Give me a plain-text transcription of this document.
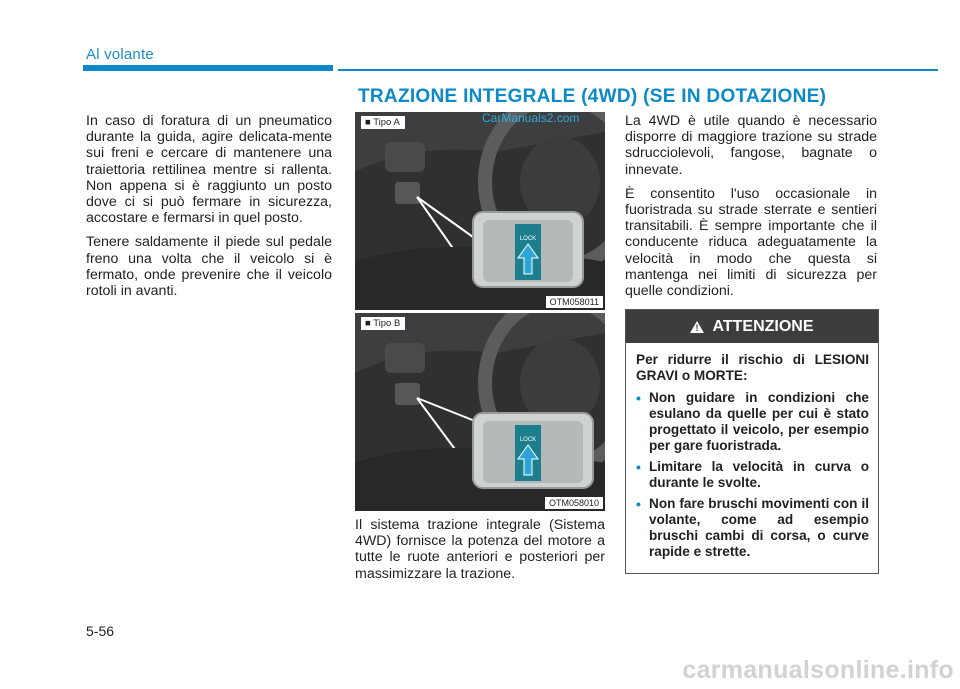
Al volante
TRAZIONE INTEGRALE (4WD) (SE IN DOTAZIONE)

In caso di foratura di un pneumatico durante la guida, agire delicata-mente sui freni e cercare di mantenere una traiettoria rettilinea mentre si rallenta. Non appena si è raggiunto un posto dove ci si può fermare in sicurezza, accostare e fermarsi in quel posto.

Tenere saldamente il piede sul pedale freno una volta che il veicolo si è fermato, onde prevenire che il veicolo rotoli in avanti.

LOCK
■ Tipo A
OTM058011
CarManuals2.com
LOCK
■ Tipo B
OTM058010

Il sistema trazione integrale (Sistema 4WD) fornisce la potenza del motore a tutte le ruote anteriori e posteriori per massimizzare la trazione.

La 4WD è utile quando è necessario disporre di maggiore trazione su strade sdrucciolevoli, fangose, bagnate o innevate.

È consentito l'uso occasionale in fuoristrada su strade sterrate e sentieri transitabili. È sempre importante che il conducente riduca adeguatamente la velocità in modo che questa si mantenga nei limiti di sicurezza per quelle condizioni.

! ATTENZIONE

Per ridurre il rischio di LESIONI GRAVI o MORTE:

• Non guidare in condizioni che esulano da quelle per cui è stato progettato il veicolo, per esempio per gare fuoristrada.
• Limitare la velocità in curva o durante le svolte.
• Non fare bruschi movimenti con il volante, come ad esempio bruschi cambi di corsa, o curve rapide e strette.
5-56
carmanualsonline.info
